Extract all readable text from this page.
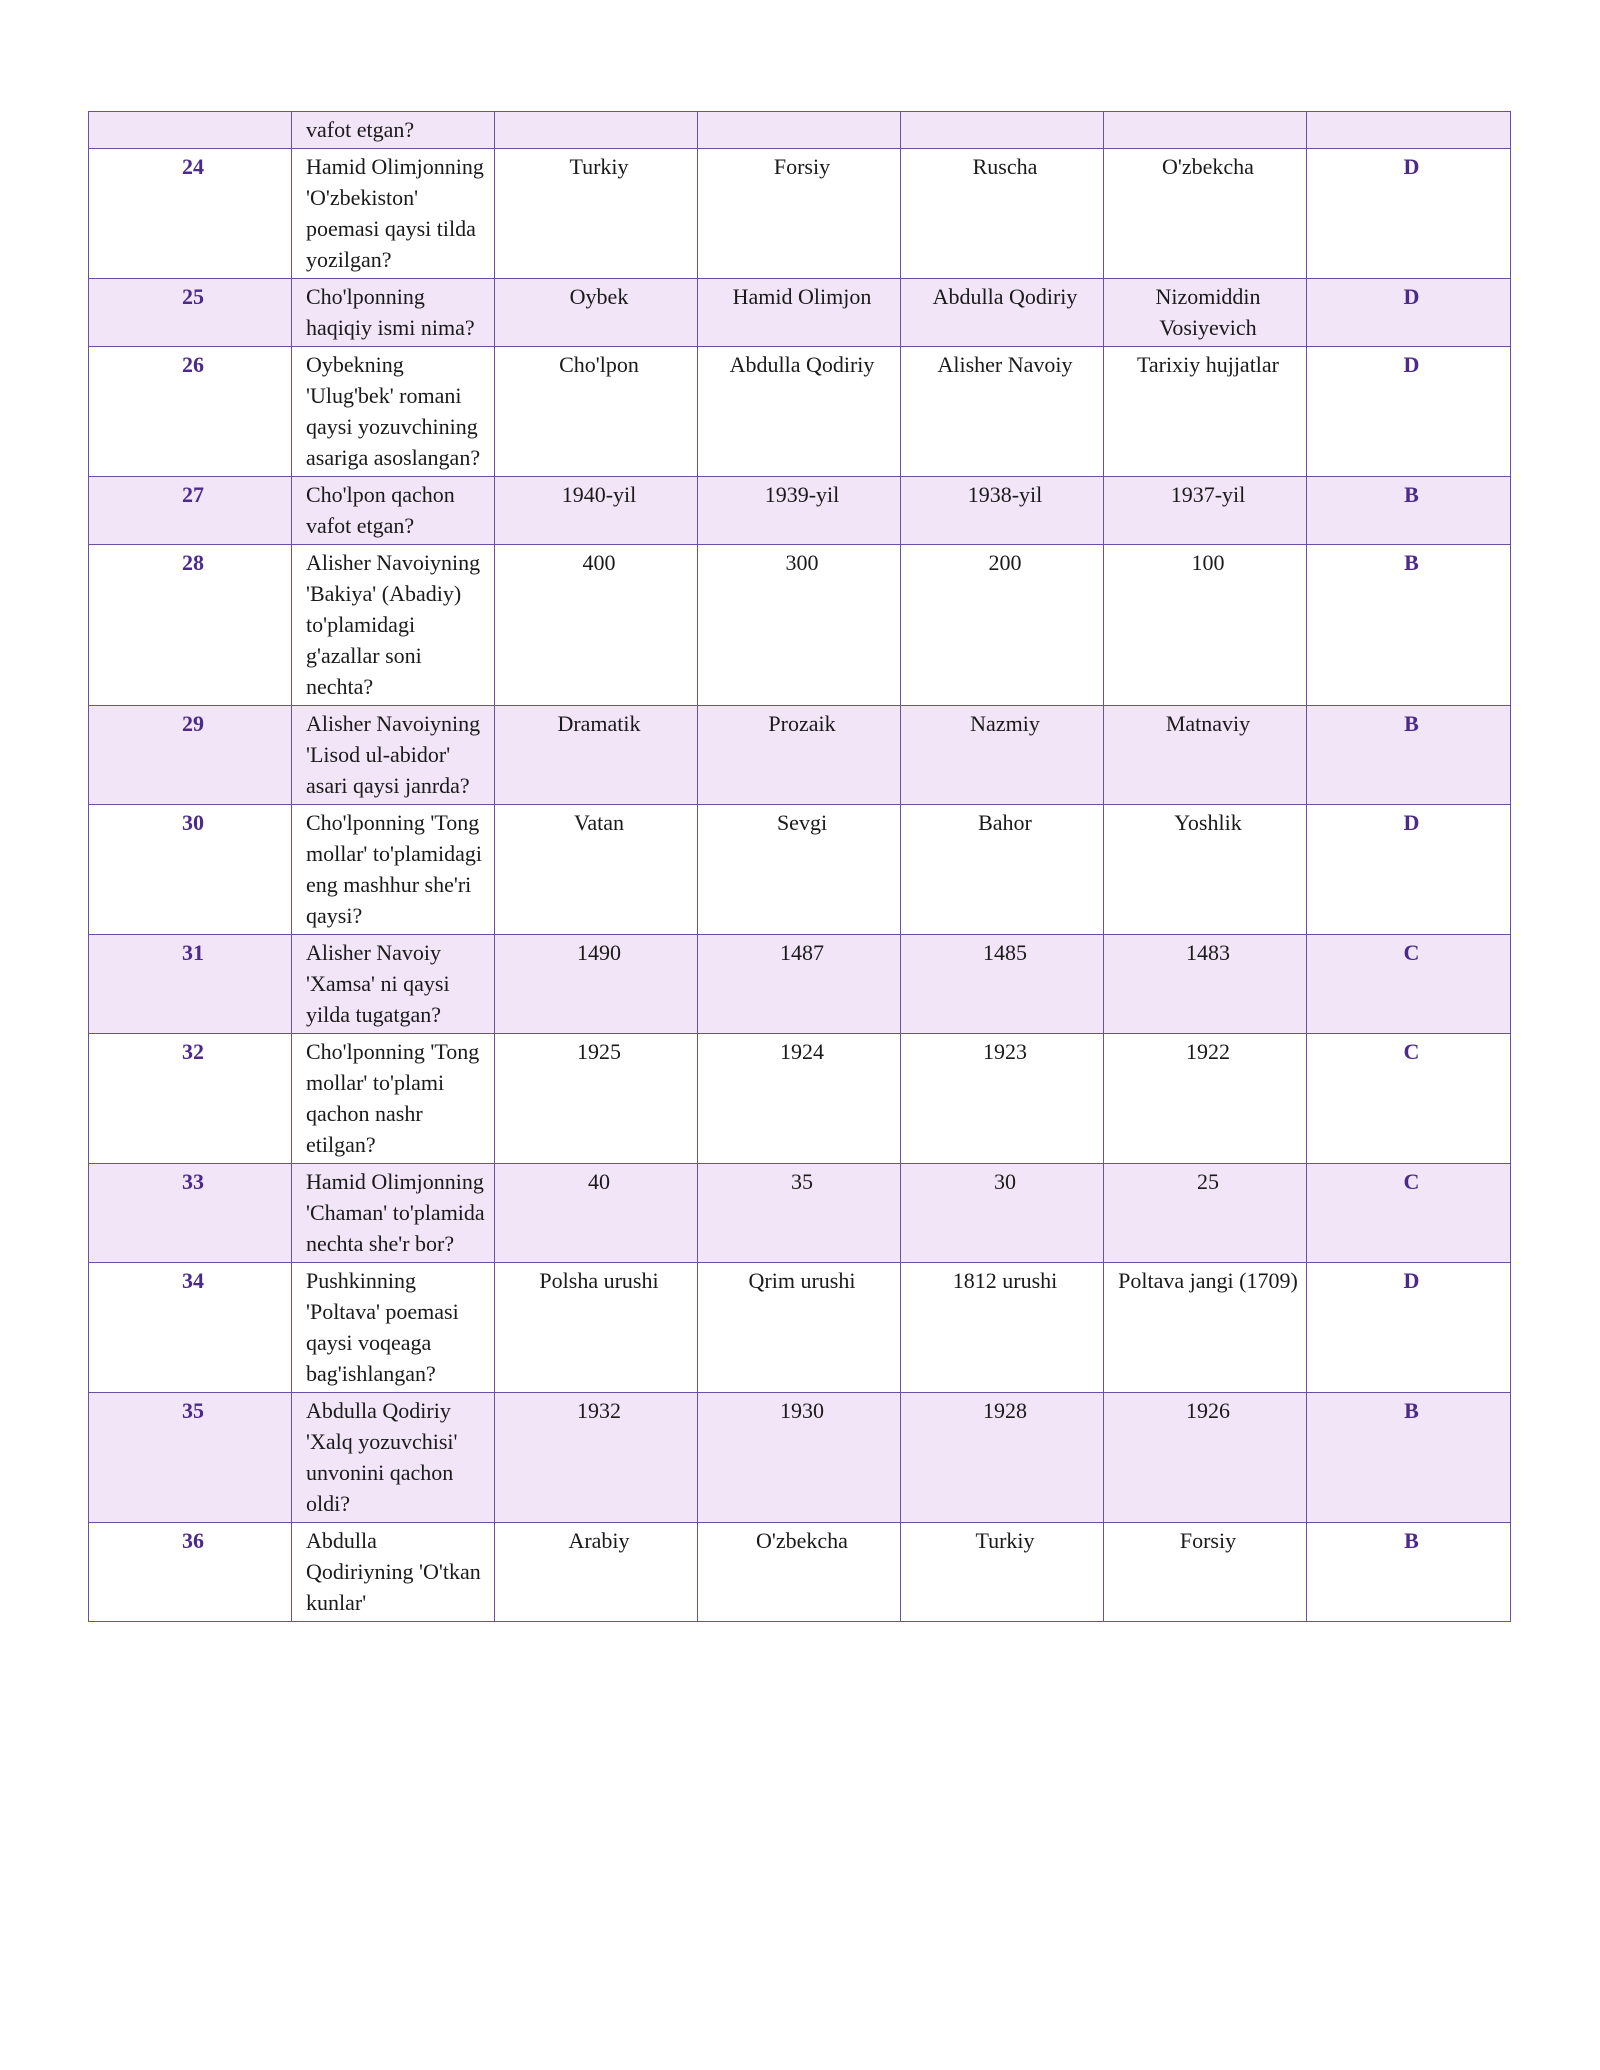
	vafot etgan?					
24	Hamid Olimjonning 'O'zbekiston' poemasi qaysi tilda yozilgan?	Turkiy	Forsiy	Ruscha	O'zbekcha	D
25	Cho'lponning haqiqiy ismi nima?	Oybek	Hamid Olimjon	Abdulla Qodiriy	Nizomiddin Vosiyevich	D
26	Oybekning 'Ulug'bek' romani qaysi yozuvchining asariga asoslangan?	Cho'lpon	Abdulla Qodiriy	Alisher Navoiy	Tarixiy hujjatlar	D
27	Cho'lpon qachon vafot etgan?	1940-yil	1939-yil	1938-yil	1937-yil	B
28	Alisher Navoiyning 'Bakiya' (Abadiy) to'plamidagi g'azallar soni nechta?	400	300	200	100	B
29	Alisher Navoiyning 'Lisod ul-abidor' asari qaysi janrda?	Dramatik	Prozaik	Nazmiy	Matnaviy	B
30	Cho'lponning 'Tong mollar' to'plamidagi eng mashhur she'ri qaysi?	Vatan	Sevgi	Bahor	Yoshlik	D
31	Alisher Navoiy 'Xamsa' ni qaysi yilda tugatgan?	1490	1487	1485	1483	C
32	Cho'lponning 'Tong mollar' to'plami qachon nashr etilgan?	1925	1924	1923	1922	C
33	Hamid Olimjonning 'Chaman' to'plamida nechta she'r bor?	40	35	30	25	C
34	Pushkinning 'Poltava' poemasi qaysi voqeaga bag'ishlangan?	Polsha urushi	Qrim urushi	1812 urushi	Poltava jangi (1709)	D
35	Abdulla Qodiriy 'Xalq yozuvchisi' unvonini qachon oldi?	1932	1930	1928	1926	B
36	Abdulla Qodiriyning 'O'tkan kunlar'	Arabiy	O'zbekcha	Turkiy	Forsiy	B
